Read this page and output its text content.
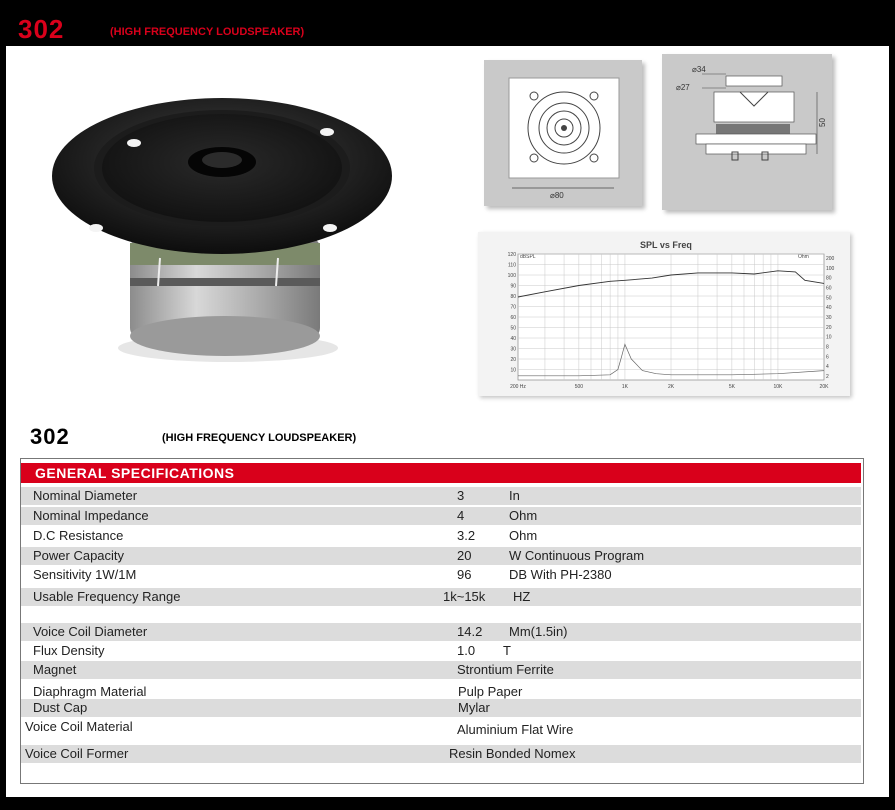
302	(HIGH FREQUENCY LOUDSPEAKER)
⌀80
⌀34
⌀27
50
SPL vs Freq
dBSPL	Ohm
10
20
30
40
50
60
70
80
90
100
110
120
200
100
80
60
50
40
30
20
10
8
6
4
2
200 Hz	500	1K	2K	5K	10K	20K
302	(HIGH FREQUENCY LOUDSPEAKER)
GENERAL SPECIFICATIONS
Nominal Diameter	3	In
Nominal Impedance	4	Ohm
D.C Resistance	3.2	Ohm
Power Capacity	20	W Continuous Program
Sensitivity 1W/1M	96	DB With PH-2380
Usable Frequency Range	1k~15k HZ
Voice Coil Diameter	14.2 Mm(1.5in)
Flux Density	1.0 T
Magnet	Strontium Ferrite
Diaphragm Material	Pulp Paper
Dust Cap	Mylar
Voice Coil Material	Aluminium Flat Wire
Voice Coil Former	Resin Bonded Nomex
